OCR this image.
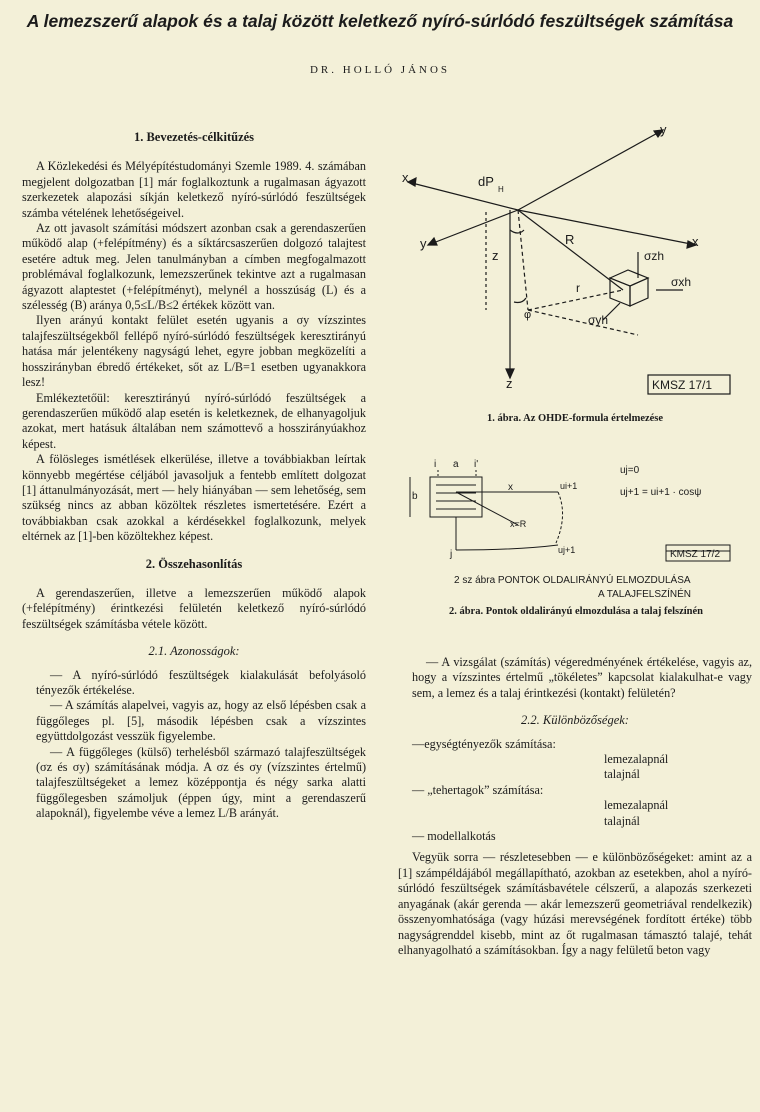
A lemezszerű alapok és a talaj között keletkező nyíró-súrlódó feszültségek számítása
DR. HOLLÓ JÁNOS
1. Bevezetés-célkitűzés

A Közlekedési és Mélyépítéstudományi Szemle 1989. 4. számában megjelent dolgozatban [1] már foglalkoztunk a rugalmasan ágyazott szerkezetek alapozási síkján keletkező nyíró-súrlódó feszültségek számba vételének lehetőségeivel.

Az ott javasolt számítási módszert azonban csak a gerendaszerűen működő alap (+felépítmény) és a síktárcsaszerűen dolgozó talajtest esetére adtuk meg. Jelen tanulmányban a címben megfogalmazott problémával foglalkozunk, lemezszerűnek tekintve azt a rugalmasan ágyazott alaptestet (+felépítményt), melynél a hosszúság (L) és a szélesség (B) aránya 0,5≤L/B≤2 értékek között van.

Ilyen arányú kontakt felület esetén ugyanis a σy vízszintes talajfeszültségekből fellépő nyíró-súrlódó feszültségek keresztirányú hatása már jelentékeny nagyságú lehet, egyre jobban megközelíti a hosszirányban ébredő értékeket, sőt az L/B=1 esetben ugyanakkora lesz!

Emlékeztetőül: keresztirányú nyíró-súrlódó feszültségek a gerendaszerűen működő alap esetén is keletkeznek, de elhanyagoljuk azokat, mert hatásuk általában nem számottevő a hosszirányúakhoz képest.

A fölösleges ismétlések elkerülése, illetve a továbbiakban leírtak könnyebb megértése céljából javasoljuk a fentebb említett dolgozat [1] áttanulmányozását, mert — hely hiányában — sem lehetőség, sem szükség nincs az abban közöltek részletes ismertetésére. Ezért a továbbiakban csak azokkal a kérdésekkel foglalkozunk, melyek eltérnek az [1]-ben közöltekhez képest.

2. Összehasonlítás

A gerendaszerűen, illetve a lemezszerűen működő alapok (+felépítmény) érintkezési felületén keletkező nyíró-súrlódó feszültségek számításba vétele között.

2.1. Azonosságok:

— A nyíró-súrlódó feszültségek kialakulását befolyásoló tényezők értékelése.

— A számítás alapelvei, vagyis az, hogy az első lépésben csak a függőleges pl. [5], második lépésben csak a vízszintes együttdolgozást vesszük figyelembe.

— A függőleges (külső) terhelésből származó talajfeszültségek (σz és σy) számításának módja. A σz és σy (vízszintes értelmű) talajfeszültségeket a lemez középpontja és négy sarka alatti függőlegesben számoljuk (éppen úgy, mint a gerendaszerű alapoknál), figyelembe véve a lemez L/B arányát.

x
y
y	x
dP
H
R
z
z
r
φ
σzh
σxh
σyh
KMSZ 17/1
1. ábra. Az OHDE-formula értelmezése
i a i'
b
x	ui+1
x=R
j	uj+1
uj=0
uj+1 = ui+1 · cosψ
KMSZ 17/2
2 sz ábra PONTOK OLDALIRÁNYÚ ELMOZDULÁSA
A TALAJFELSZÍNÉN
2. ábra. Pontok oldalirányú elmozdulása a talaj felszínén

— A vizsgálat (számítás) végeredményének értékelése, vagyis az, hogy a vízszintes értelmű „tökéletes” kapcsolat kialakulhat-e vagy sem, a lemez és a talaj érintkezési (kontakt) felületén?

2.2. Különbözőségek:

—egységtényezők számítása:

lemezalapnál

talajnál

— „tehertagok” számítása:

lemezalapnál

talajnál

— modellalkotás

Vegyük sorra — részletesebben — e különbözőségeket: amint az a [1] számpéldájából megállapítható, azokban az esetekben, ahol a nyíró-súrlódó feszültségek számításbavétele célszerű, a alapozás szerkezeti anyagának (akár gerenda — akár lemezszerű geometriával rendelkezik) összenyomhatósága (vagy húzási merevségének fordított értéke) több nagyságrenddel kisebb, mint az őt rugalmasan támasztó talajé, tehát elhanyagolható a számításokban. Így a nagy felületű beton vagy
